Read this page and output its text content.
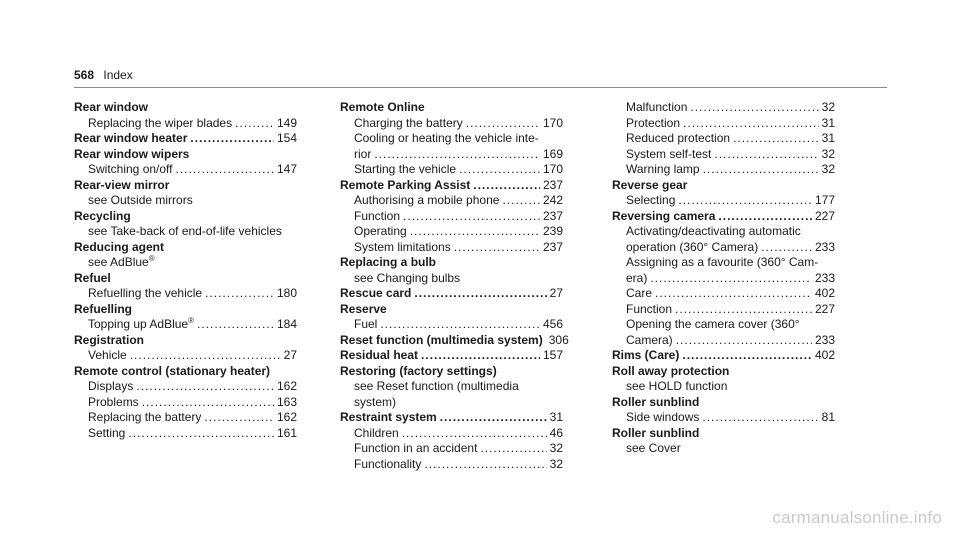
568 Index
Rear window
Replacing the wiper blades .....	149
Rear window heater .....	154
Rear window wipers
Switching on/off .....	147
Rear-view mirror
see Outside mirrors
Recycling
see Take-back of end-of-life vehicles
Reducing agent
see AdBlue®
Refuel
Refuelling the vehicle .....	180
Refuelling
Topping up AdBlue® .....	184
Registration
Vehicle .....	27
Remote control (stationary heater)
Displays .....	162
Problems .....	163
Replacing the battery .....	162
Setting .....	161
Remote Online
Charging the battery .....	170
Cooling or heating the vehicle inte-
rior .....	169
Starting the vehicle .....	170
Remote Parking Assist .....	237
Authorising a mobile phone .....	242
Function .....	237
Operating .....	239
System limitations .....	237
Replacing a bulb
see Changing bulbs
Rescue card .....	27
Reserve
Fuel .....	456
Reset function (multimedia system) 306
Residual heat .....	157
Restoring (factory settings)
see Reset function (multimedia system)
Restraint system .....	31
Children .....	46
Function in an accident .....	32
Functionality .....	32
Malfunction .....	32
Protection .....	31
Reduced protection .....	31
System self-test .....	32
Warning lamp .....	32
Reverse gear
Selecting .....	177
Reversing camera .....	227
Activating/deactivating automatic
operation (360° Camera) .....	233
Assigning as a favourite (360° Cam-
era) .....	233
Care .....	402
Function .....	227
Opening the camera cover (360°
Camera) .....	233
Rims (Care) .....	402
Roll away protection
see HOLD function
Roller sunblind
Side windows .....	81
Roller sunblind
see Cover
carmanualsonline.info
